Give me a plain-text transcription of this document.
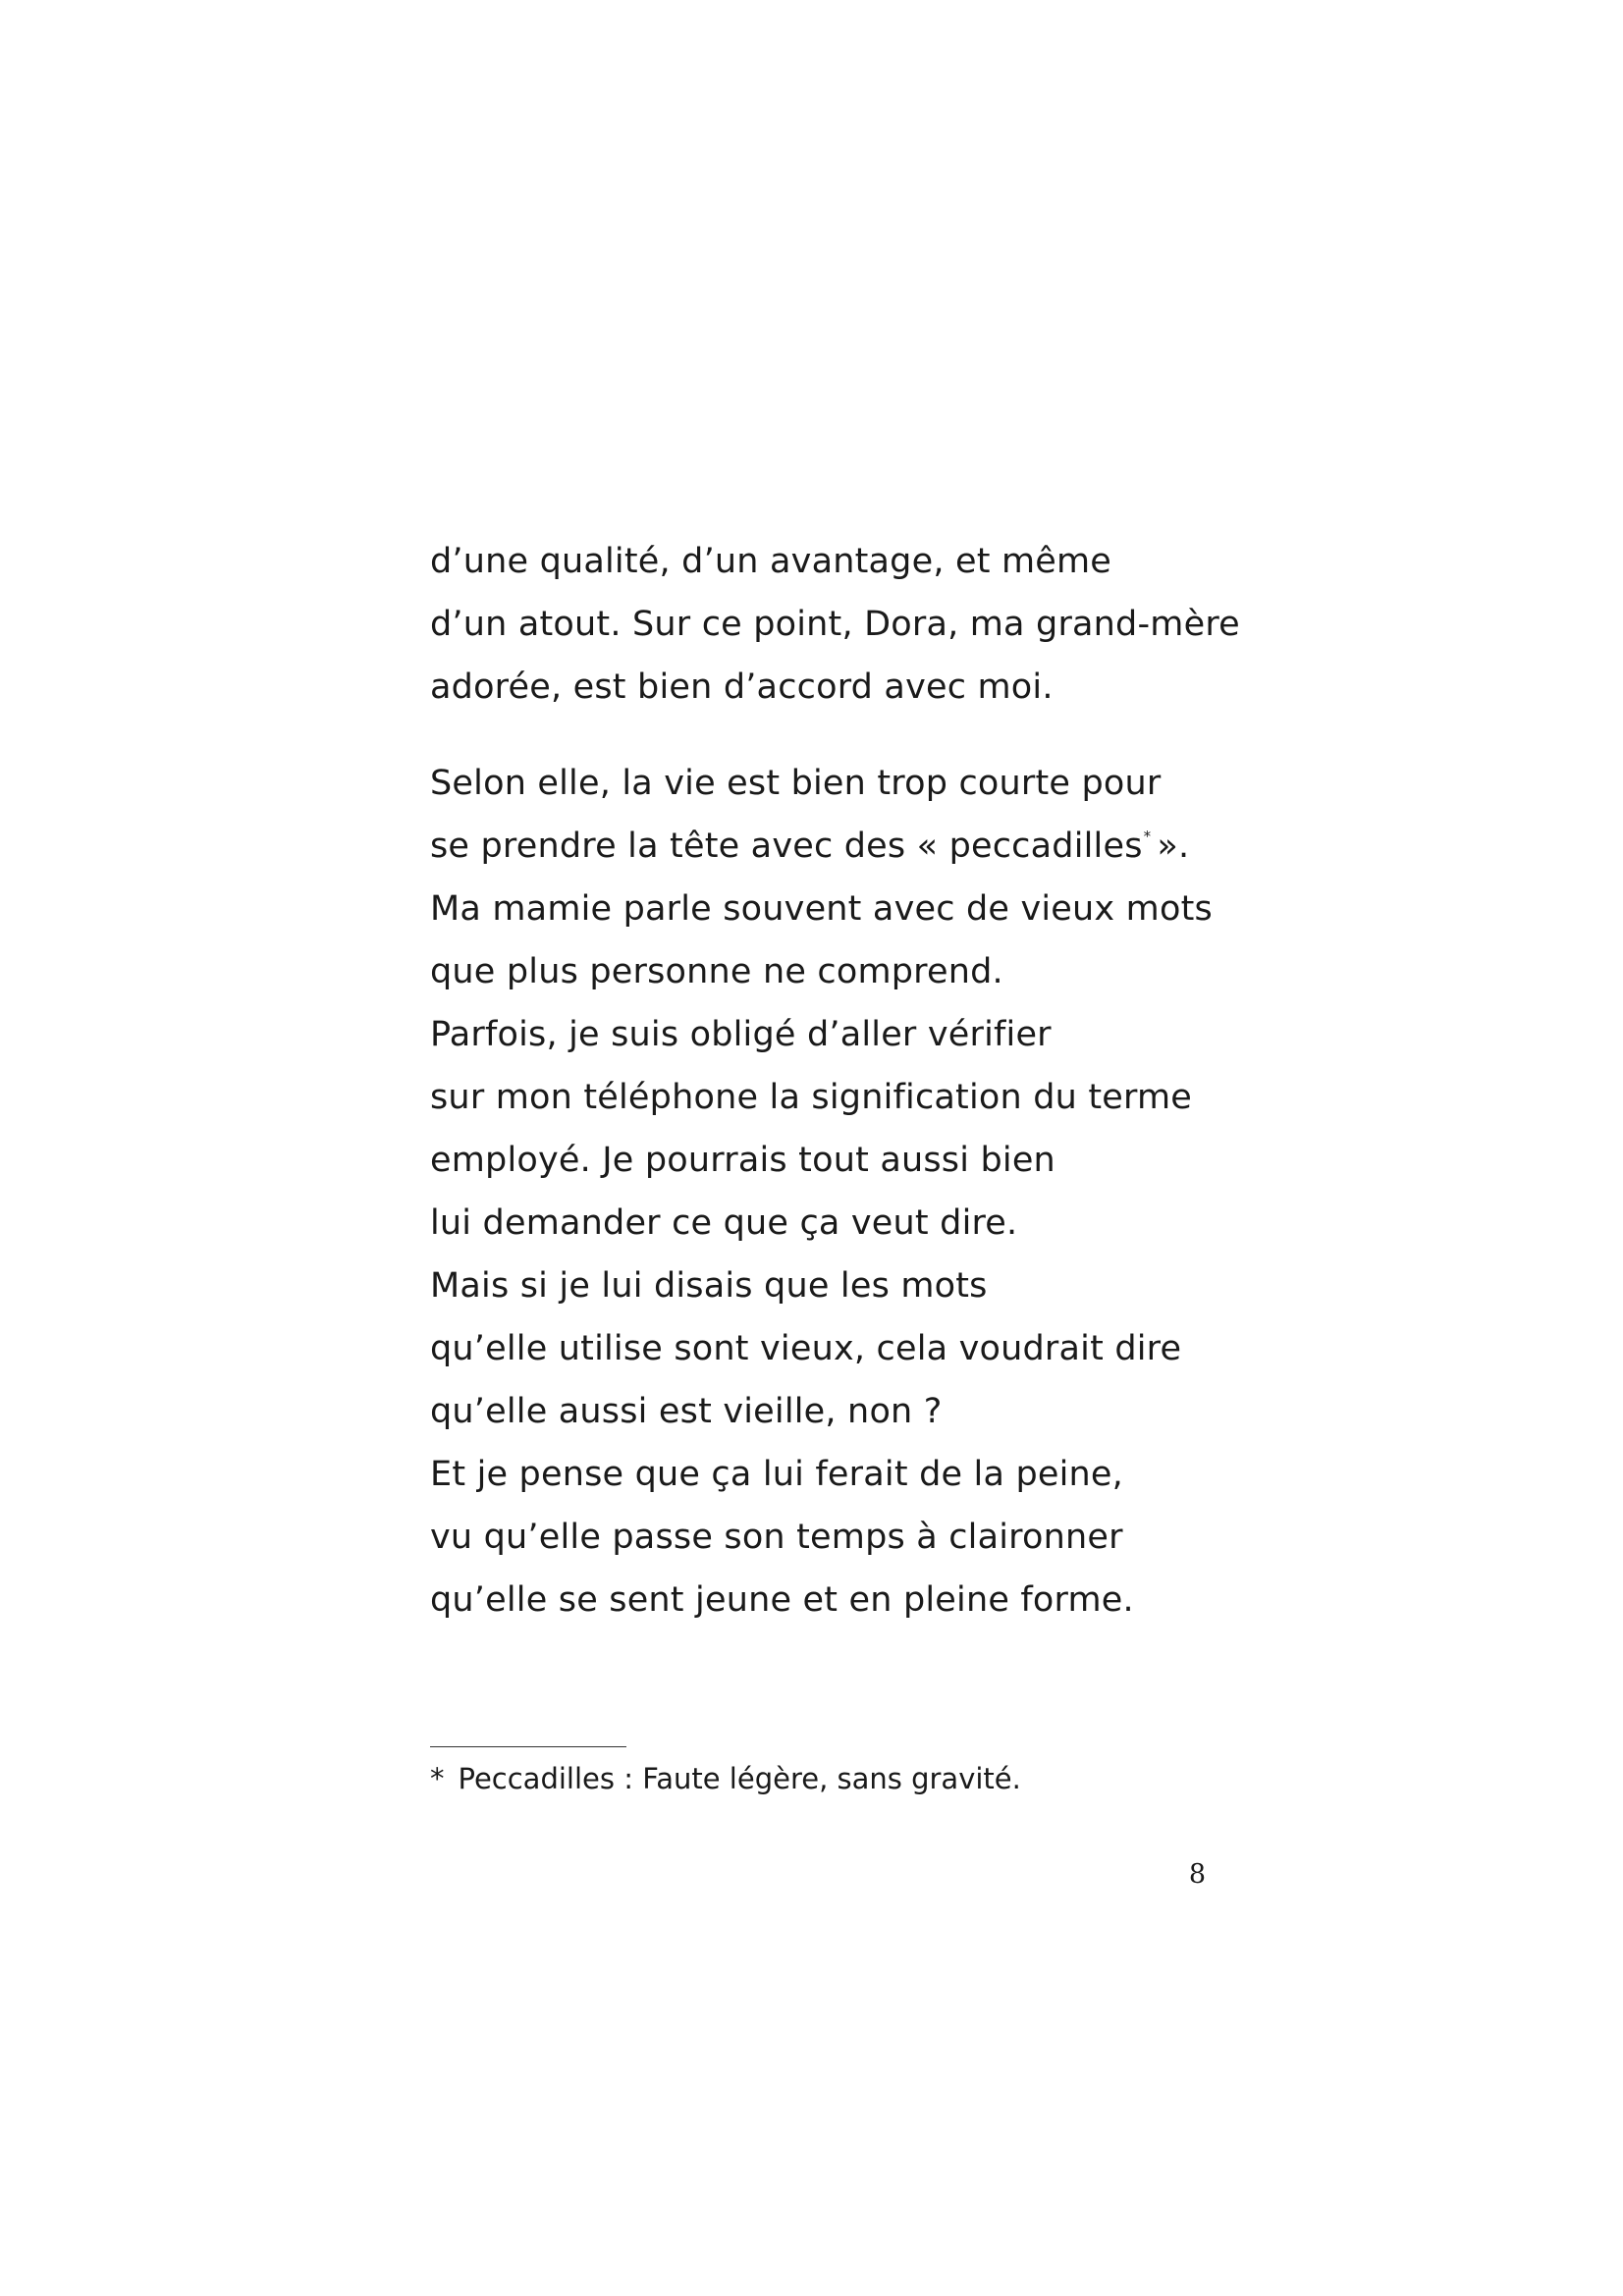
d’une qualité, d’un avantage, et même
d’un atout. Sur ce point, Dora, ma grand-mère
adorée, est bien d’accord avec moi.
Selon elle, la vie est bien trop courte pour
se prendre la tête avec des « peccadilles* ».
Ma mamie parle souvent avec de vieux mots
que plus personne ne comprend.
Parfois, je suis obligé d’aller vérifier
sur mon téléphone la signification du terme
employé. Je pourrais tout aussi bien
lui demander ce que ça veut dire.
Mais si je lui disais que les mots
qu’elle utilise sont vieux, cela voudrait dire
qu’elle aussi est vieille, non ?
Et je pense que ça lui ferait de la peine,
vu qu’elle passe son temps à claironner
qu’elle se sent jeune et en pleine forme.
* Peccadilles : Faute légère, sans gravité.
8
